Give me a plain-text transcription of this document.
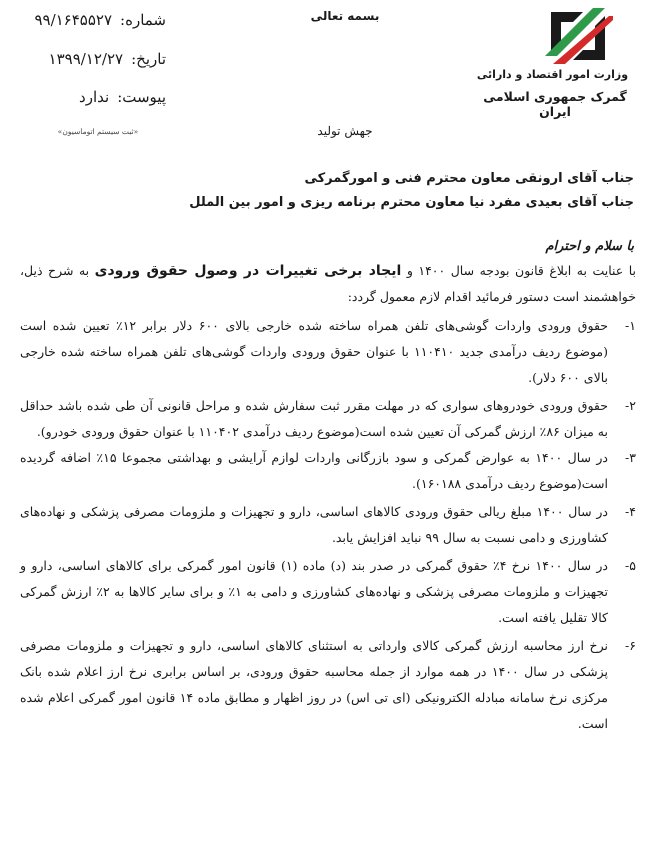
بسمه تعالی
وزارت امور اقتصاد و دارائی
گمرک جمهوری اسلامی ایران
شماره:
۹۹/۱۶۴۵۵۲۷
تاریخ:
۱۳۹۹/۱۲/۲۷
پیوست:
ندارد
«ثبت سیستم اتوماسیون»	جهش تولید
جناب آقای ارونقی معاون محترم فنی و امورگمرکی
جناب آقای بعیدی مفرد نیا معاون محترم برنامه ریزی و امور بین الملل
با سلام و احترام
با عنایت به ابلاغ قانون بودجه سال ۱۴۰۰ و ایجاد برخی تغییرات در وصول حقوق ورودی به شرح ذیل، خواهشمند است دستور فرمائید اقدام لازم معمول گردد:
۱-
حقوق ورودی واردات گوشی‌های تلفن همراه ساخته شده خارجی بالای ۶۰۰ دلار برابر ۱۲٪ تعیین شده است (موضوع ردیف درآمدی جدید ۱۱۰۴۱۰ با عنوان حقوق ورودی واردات گوشی‌های تلفن همراه ساخته شده خارجی بالای ۶۰۰ دلار).
۲-
حقوق ورودی خودروهای سواری که در مهلت مقرر ثبت سفارش شده و مراحل قانونی آن طی شده باشد حداقل به میزان ۸۶٪ ارزش گمرکی آن تعیین شده است(موضوع ردیف درآمدی ۱۱۰۴۰۲ با عنوان حقوق ورودی خودرو).
۳-
در سال ۱۴۰۰ به عوارض گمرکی و سود بازرگانی واردات لوازم آرایشی و بهداشتی مجموعا ۱۵٪ اضافه گردیده است(موضوع ردیف درآمدی ۱۶۰۱۸۸).
۴-
در سال ۱۴۰۰ مبلغ ریالی حقوق ورودی کالاهای اساسی، دارو و تجهیزات و ملزومات مصرفی پزشکی و نهاده‌های کشاورزی و دامی نسبت به سال ۹۹ نباید افزایش یابد.
۵-
در سال ۱۴۰۰ نرخ ۴٪ حقوق گمرکی در صدر بند (د) ماده (۱) قانون امور گمرکی برای کالاهای اساسی، دارو و تجهیزات و ملزومات مصرفی پزشکی و نهاده‌های کشاورزی و دامی به ۱٪ و برای سایر کالاها به ۲٪ ارزش گمرکی کالا تقلیل یافته است.
۶-
نرخ ارز محاسبه ارزش گمرکی کالای وارداتی به استثنای کالاهای اساسی، دارو و تجهیزات و ملزومات مصرفی پزشکی در سال ۱۴۰۰ در همه موارد از جمله محاسبه حقوق ورودی، بر اساس برابری نرخ ارز اعلام شده بانک مرکزی نرخ سامانه مبادله الکترونیکی (ای تی اس) در روز اظهار و مطابق ماده ۱۴ قانون امور گمرکی اعلام شده است.
